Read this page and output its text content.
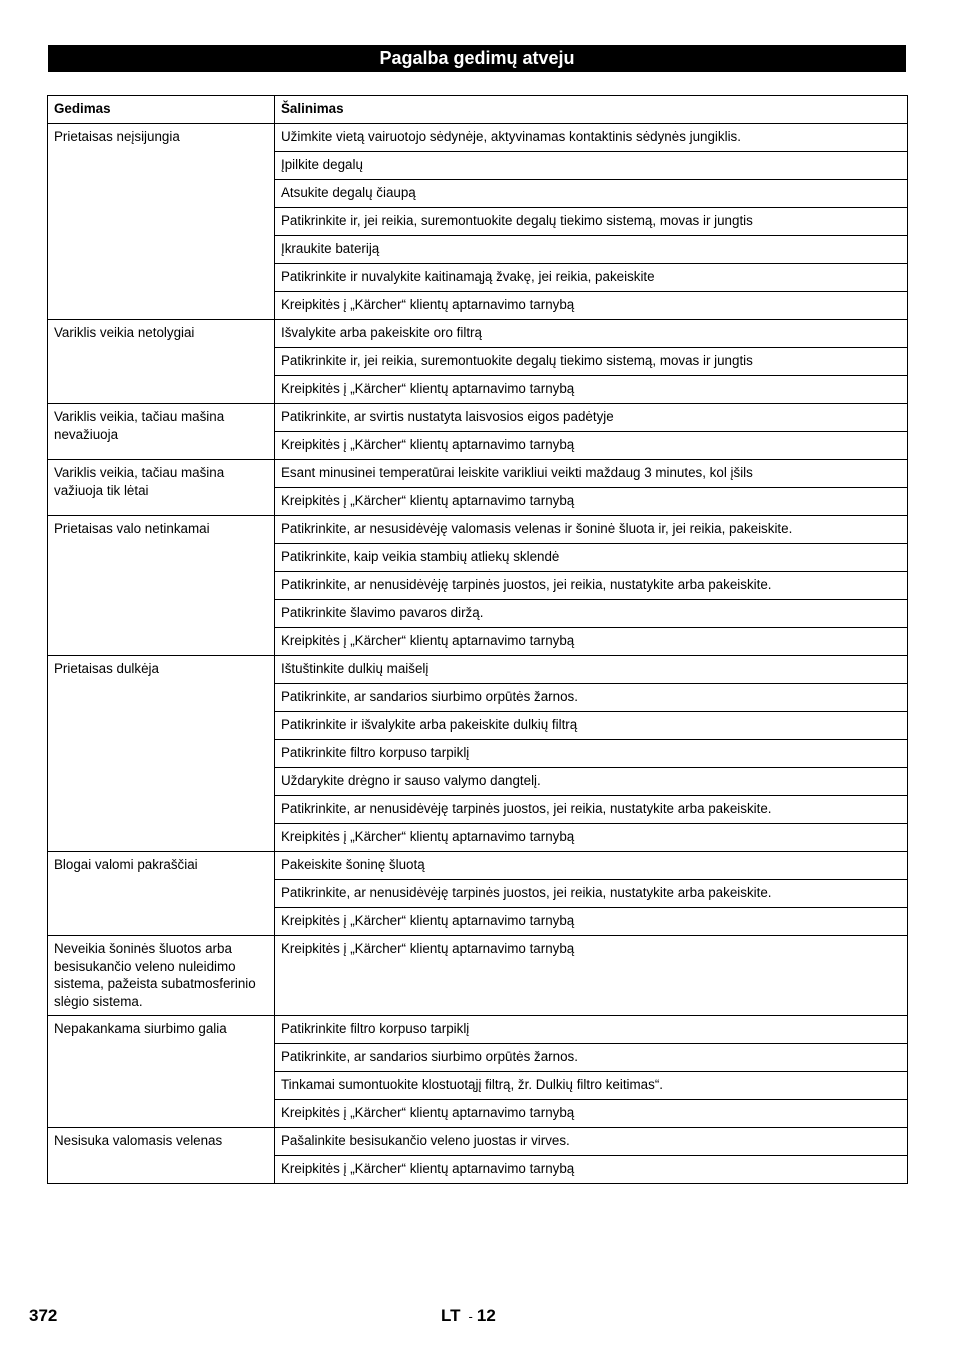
Pagalba gedimų atveju
Gedimas	Šalinimas
Prietaisas neįsijungia	Užimkite vietą vairuotojo sėdynėje, aktyvinamas kontaktinis sėdynės jungiklis.
	Įpilkite degalų
	Atsukite degalų čiaupą
	Patikrinkite ir, jei reikia, suremontuokite degalų tiekimo sistemą, movas ir jungtis
	Įkraukite bateriją
	Patikrinkite ir nuvalykite kaitinamąją žvakę, jei reikia, pakeiskite
	Kreipkitės į „Kärcher“ klientų aptarnavimo tarnybą
Variklis veikia netolygiai	Išvalykite arba pakeiskite oro filtrą
	Patikrinkite ir, jei reikia, suremontuokite degalų tiekimo sistemą, movas ir jungtis
	Kreipkitės į „Kärcher“ klientų aptarnavimo tarnybą
Variklis veikia, tačiau mašina nevažiuoja	Patikrinkite, ar svirtis nustatyta laisvosios eigos padėtyje
	Kreipkitės į „Kärcher“ klientų aptarnavimo tarnybą
Variklis veikia, tačiau mašina važiuoja tik lėtai	Esant minusinei temperatūrai leiskite varikliui veikti maždaug 3 minutes, kol įšils
	Kreipkitės į „Kärcher“ klientų aptarnavimo tarnybą
Prietaisas valo netinkamai	Patikrinkite, ar nesusidėvėję valomasis velenas ir šoninė šluota ir, jei reikia, pakeiskite.
	Patikrinkite, kaip veikia stambių atliekų sklendė
	Patikrinkite, ar nenusidėvėję tarpinės juostos, jei reikia, nustatykite arba pakeiskite.
	Patikrinkite šlavimo pavaros diržą.
	Kreipkitės į „Kärcher“ klientų aptarnavimo tarnybą
Prietaisas dulkėja	Ištuštinkite dulkių maišelį
	Patikrinkite, ar sandarios siurbimo orpūtės žarnos.
	Patikrinkite ir išvalykite arba pakeiskite dulkių filtrą
	Patikrinkite filtro korpuso tarpiklį
	Uždarykite drėgno ir sauso valymo dangtelį.
	Patikrinkite, ar nenusidėvėję tarpinės juostos, jei reikia, nustatykite arba pakeiskite.
	Kreipkitės į „Kärcher“ klientų aptarnavimo tarnybą
Blogai valomi pakraščiai	Pakeiskite šoninę šluotą
	Patikrinkite, ar nenusidėvėję tarpinės juostos, jei reikia, nustatykite arba pakeiskite.
	Kreipkitės į „Kärcher“ klientų aptarnavimo tarnybą
Neveikia šoninės šluotos arba besisukančio veleno nuleidimo sistema, pažeista subatmosferinio slėgio sistema.	Kreipkitės į „Kärcher“ klientų aptarnavimo tarnybą
Nepakankama siurbimo galia	Patikrinkite filtro korpuso tarpiklį
	Patikrinkite, ar sandarios siurbimo orpūtės žarnos.
	Tinkamai sumontuokite klostuotąjį filtrą, žr. Dulkių filtro keitimas“.
	Kreipkitės į „Kärcher“ klientų aptarnavimo tarnybą
Nesisuka valomasis velenas	Pašalinkite besisukančio veleno juostas ir virves.
	Kreipkitės į „Kärcher“ klientų aptarnavimo tarnybą
372	LT - 12
